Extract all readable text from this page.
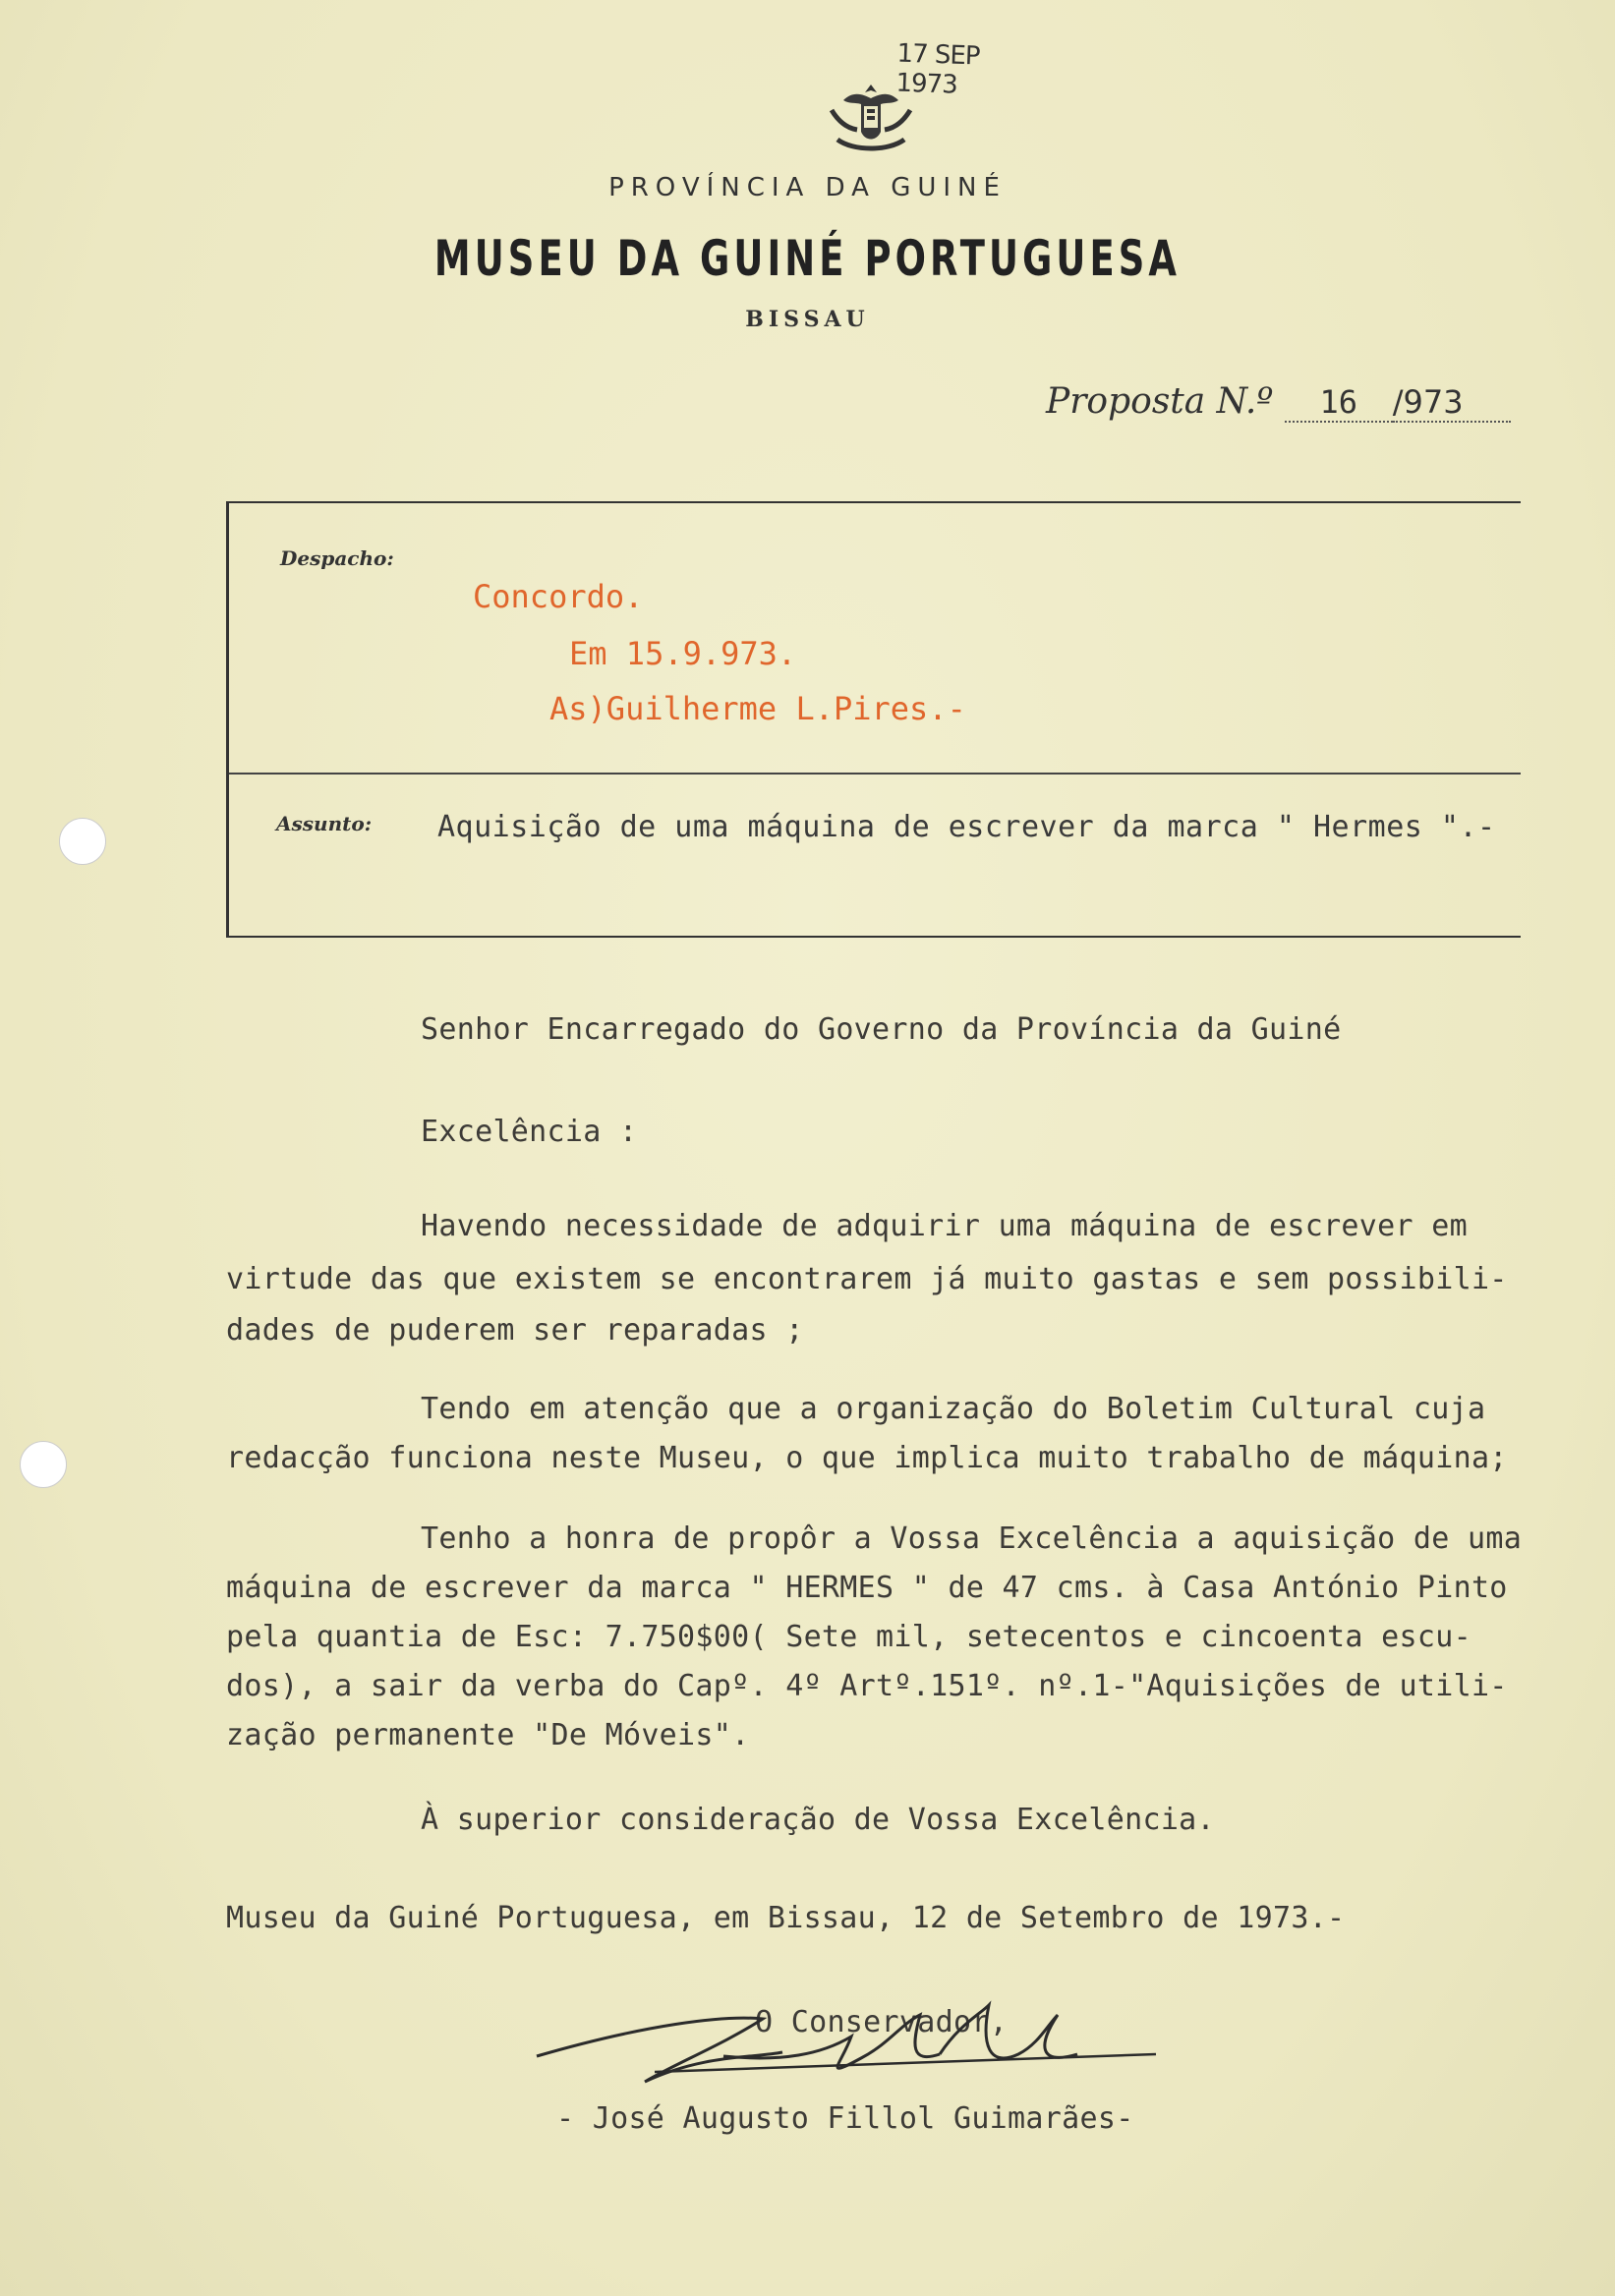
17 SEP 1973
PROVÍNCIA DA GUINÉ
MUSEU DA GUINÉ PORTUGUESA
BISSAU
Proposta N.º 16 /973
Despacho:
Concordo.
Em 15.9.973.
As)Guilherme L.Pires.-
Assunto: Aquisição de uma máquina de escrever da marca " Hermes ".-
Senhor Encarregado do Governo da Província da Guiné
Excelência :
Havendo necessidade de adquirir uma máquina de escrever em
virtude das que existem se encontrarem já muito gastas e sem possibili-
dades de puderem ser reparadas ;
Tendo em atenção que a organização do Boletim Cultural cuja
redacção funciona neste Museu, o que implica muito trabalho de máquina;
Tenho a honra de propôr a Vossa Excelência a aquisição de uma
máquina de escrever da marca " HERMES " de 47 cms. à Casa António Pinto
pela quantia de Esc: 7.750$00( Sete mil, setecentos e cincoenta escu-
dos), a sair da verba do Capº. 4º Artº.151º. nº.1-"Aquisições de utili-
zação permanente "De Móveis".
À superior consideração de Vossa Excelência.
Museu da Guiné Portuguesa, em Bissau, 12 de Setembro de 1973.-
O Conservador,
- José Augusto Fillol Guimarães-
